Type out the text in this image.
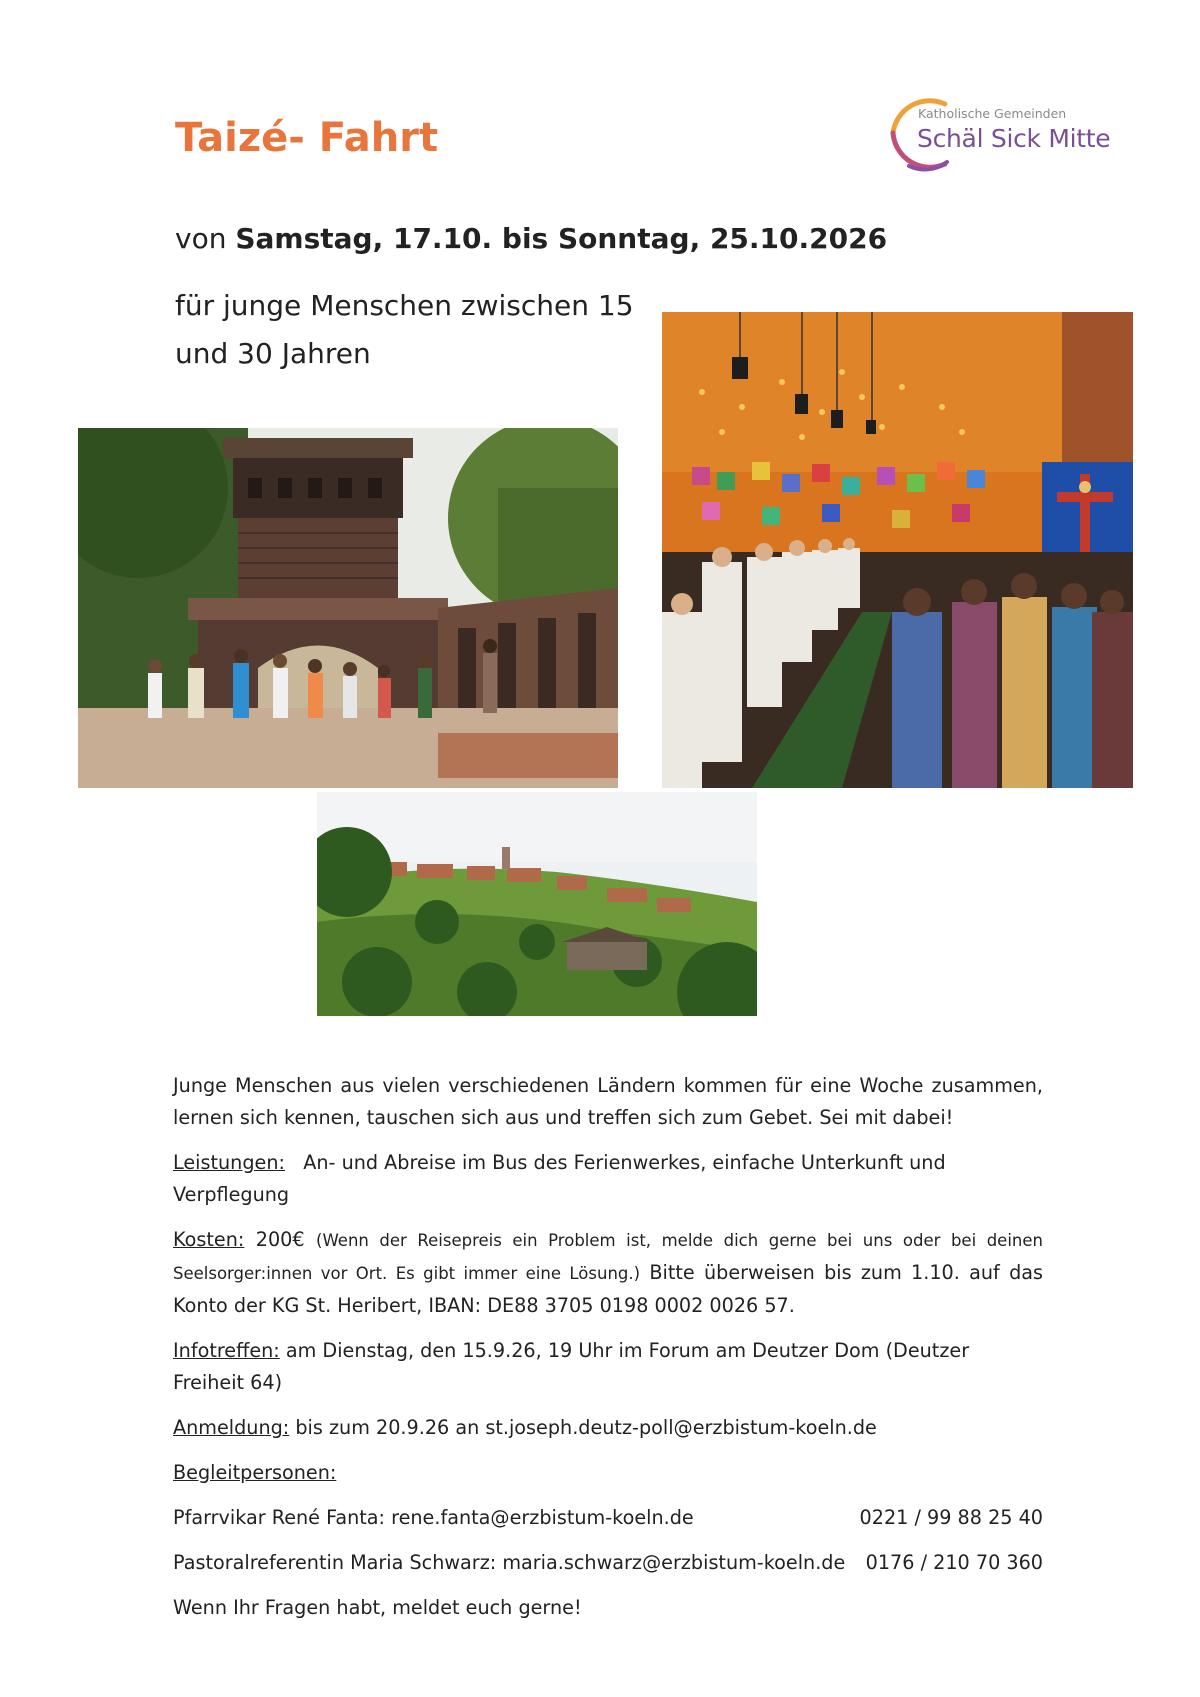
Taizé- Fahrt
Katholische Gemeinden
Schäl Sick Mitte
von Samstag, 17.10. bis Sonntag, 25.10.2026
für junge Menschen zwischen 15 und 30 Jahren

Junge Menschen aus vielen verschiedenen Ländern kommen für eine Woche zusammen, lernen sich kennen, tauschen sich aus und treffen sich zum Gebet. Sei mit dabei!

Leistungen: An- und Abreise im Bus des Ferienwerkes, einfache Unterkunft und Verpflegung

Kosten: 200€ (Wenn der Reisepreis ein Problem ist, melde dich gerne bei uns oder bei deinen Seelsorger:innen vor Ort. Es gibt immer eine Lösung.) Bitte überweisen bis zum 1.10. auf das Konto der KG St. Heribert, IBAN: DE88 3705 0198 0002 0026 57.

Infotreffen: am Dienstag, den 15.9.26, 19 Uhr im Forum am Deutzer Dom (Deutzer Freiheit 64)

Anmeldung: bis zum 20.9.26 an st.joseph.deutz-poll@erzbistum-koeln.de

Begleitpersonen:

Pfarrvikar René Fanta: rene.fanta@erzbistum-koeln.de	0221 / 99 88 25 40

Pastoralreferentin Maria Schwarz: maria.schwarz@erzbistum-koeln.de 0176 / 210 70 360

Wenn Ihr Fragen habt, meldet euch gerne!
